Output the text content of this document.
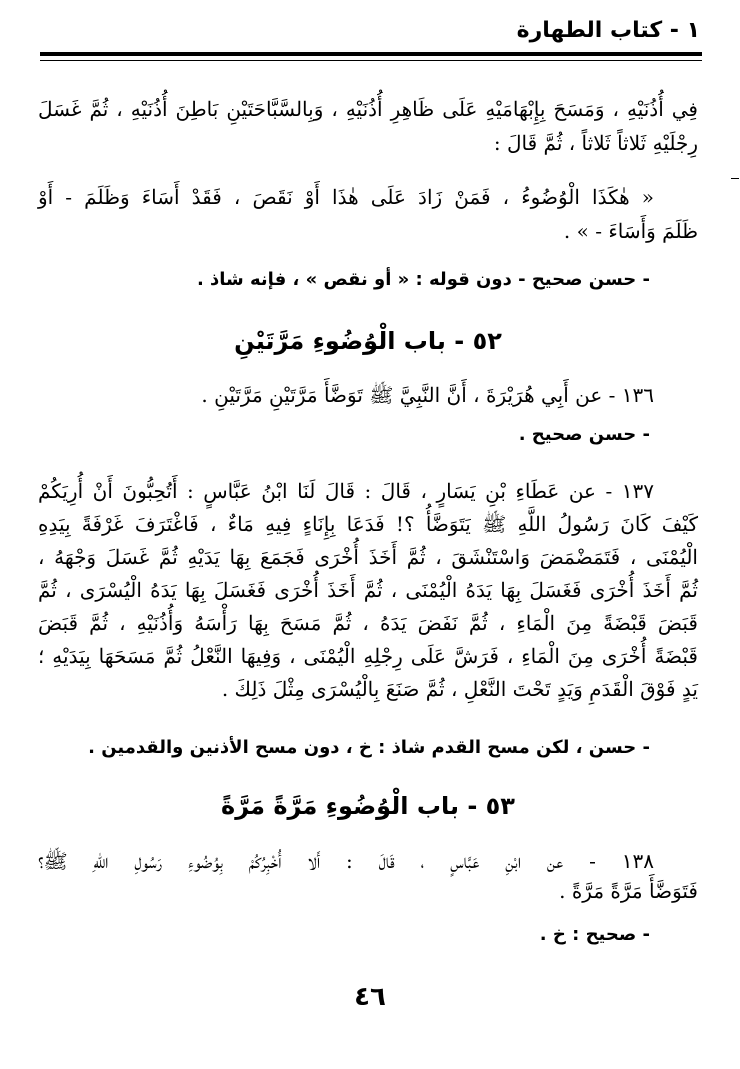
١ - كتاب الطهارة
فِي أُذُنَيْهِ ، وَمَسَحَ بِإِبْهَامَيْهِ عَلَى ظَاهِرِ أُذُنَيْهِ ، وَبِالسَّبَّاحَتَيْنِ بَاطِنَ أُذُنَيْهِ ، ثُمَّ غَسَلَ
رِجْلَيْهِ ثَلاثاً ثَلاثاً ، ثُمَّ قَالَ :
« هٰكَذَا الْوُضُوءُ ، فَمَنْ زَادَ عَلَى هٰذَا أَوْ نَقَصَ ، فَقَدْ أَسَاءَ وَظَلَمَ - أَوْ
ظَلَمَ وَأَسَاءَ - » .
- حسن صحيح - دون قوله : « أو نقص » ، فإنه شاذ .
٥٢ - باب الْوُضُوءِ مَرَّتَيْنِ
١٣٦ - عن أَبِي هُرَيْرَةَ ، أَنَّ النَّبِيَّ ﷺ تَوَضَّأَ مَرَّتَيْنِ مَرَّتَيْنِ .
- حسن صحيح .
١٣٧ - عن عَطَاءِ بْنِ يَسَارٍ ، قَالَ : قَالَ لَنَا ابْنُ عَبَّاسٍ : أَتُحِبُّونَ أَنْ أُرِيَكُمْ
كَيْفَ كَانَ رَسُولُ اللَّهِ ﷺ يَتَوَضَّأُ ؟! فَدَعَا بِإِنَاءٍ فِيهِ مَاءٌ ، فَاغْتَرَفَ غَرْفَةً بِيَدِهِ
الْيُمْنَى ، فَتَمَضْمَضَ وَاسْتَنْشَقَ ، ثُمَّ أَخَذَ أُخْرَى فَجَمَعَ بِهَا يَدَيْهِ ثُمَّ غَسَلَ وَجْهَهُ ،
ثُمَّ أَخَذَ أُخْرَى فَغَسَلَ بِهَا يَدَهُ الْيُمْنَى ، ثُمَّ أَخَذَ أُخْرَى فَغَسَلَ بِهَا يَدَهُ الْيُسْرَى ، ثُمَّ
قَبَضَ قَبْضَةً مِنَ الْمَاءِ ، ثُمَّ نَفَضَ يَدَهُ ، ثُمَّ مَسَحَ بِهَا رَأْسَهُ وَأُذُنَيْهِ ، ثُمَّ قَبَضَ
قَبْضَةً أُخْرَى مِنَ الْمَاءِ ، فَرَشَّ عَلَى رِجْلِهِ الْيُمْنَى ، وَفِيهَا النَّعْلُ ثُمَّ مَسَحَهَا بِيَدَيْهِ ؛
يَدٍ فَوْقَ الْقَدَمِ وَيَدٍ تَحْتَ النَّعْلِ ، ثُمَّ صَنَعَ بِالْيُسْرَى مِثْلَ ذَلِكَ .
- حسن ، لكن مسح القدم شاذ : خ ، دون مسح الأذنين والقدمين .
٥٣ - باب الْوُضُوءِ مَرَّةً مَرَّةً
١٣٨ - عن ابْنِ عَبَّاسٍ ، قَالَ : أَلا أُخْبِرُكُمْ بِوُضُوءِ رَسُولِ اللهِ ﷺ؟
فَتَوَضَّأَ مَرَّةً مَرَّةً .
- صحيح : خ .
٤٦
